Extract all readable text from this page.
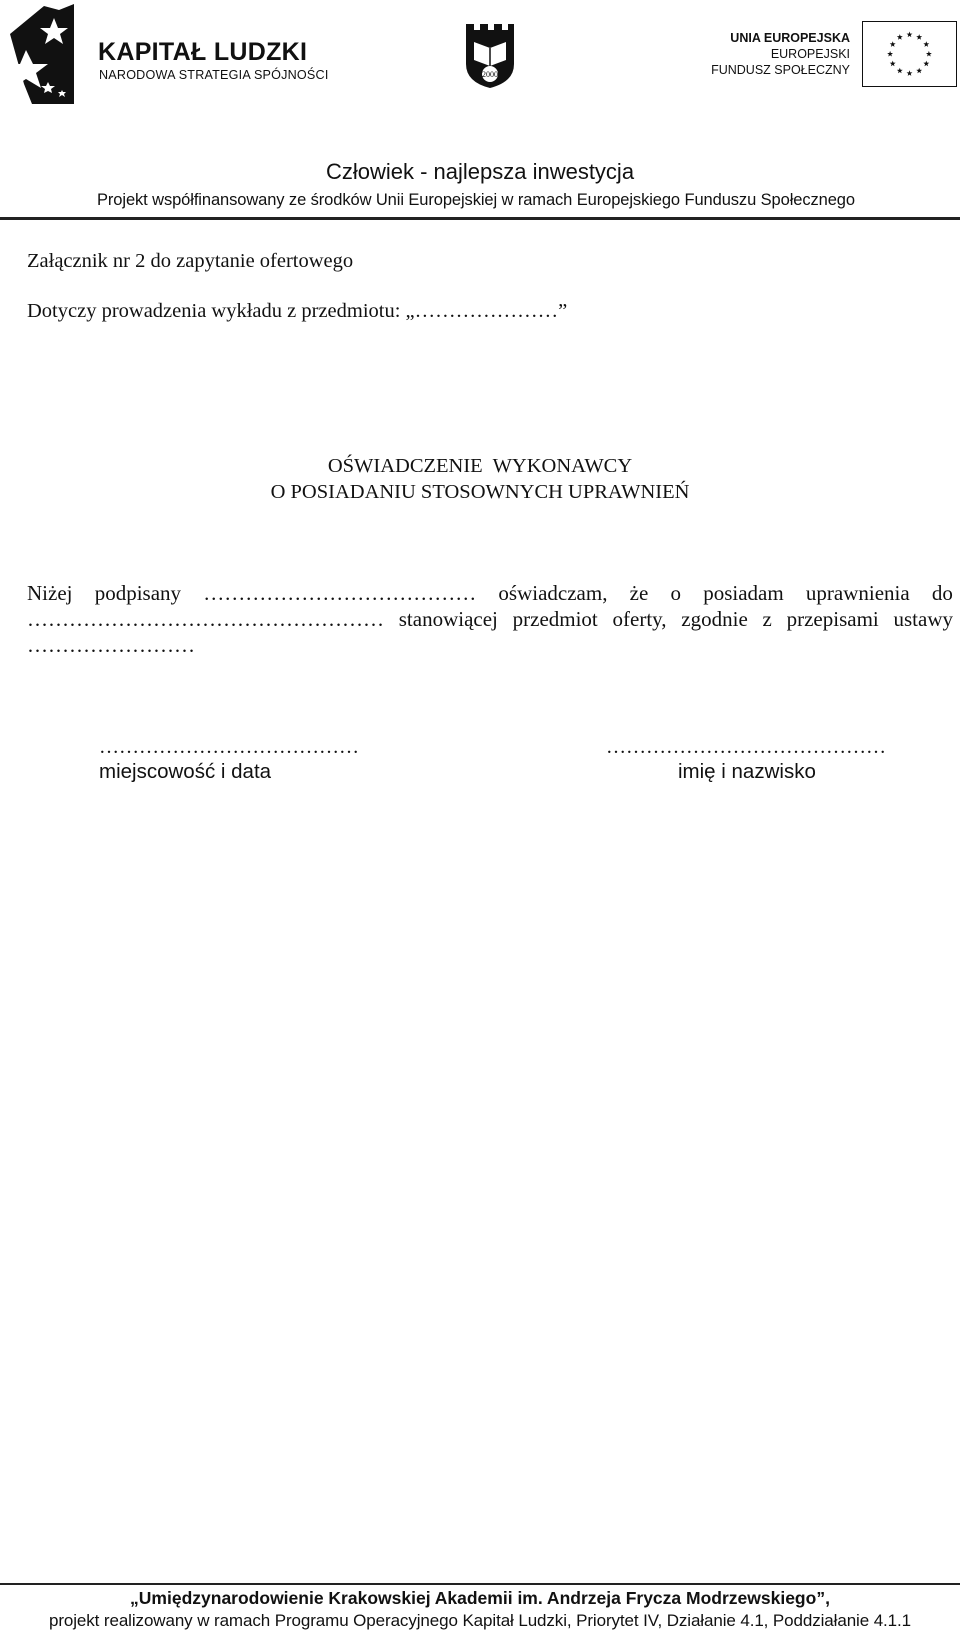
KAPITAŁ LUDZKI
NARODOWA STRATEGIA SPÓJNOŚCI	2000
UNIA EUROPEJSKA
EUROPEJSKI
FUNDUSZ SPOŁECZNY
Człowiek - najlepsza inwestycja
Projekt współfinansowany ze środków Unii Europejskiej w ramach Europejskiego Funduszu Społecznego
Załącznik nr 2 do zapytanie ofertowego
Dotyczy prowadzenia wykładu z przedmiotu: „…………………”
OŚWIADCZENIE  WYKONAWCY
O POSIADANIU STOSOWNYCH UPRAWNIEŃ
Niżej podpisany ………………………………… oświadczam, że o posiadam uprawnienia do
…………………………………………… stanowiącej przedmiot oferty, zgodnie z przepisami ustawy
……………………
…………………………………
miejscowość i data
……………………………………
imię i nazwisko
„Umiędzynarodowienie Krakowskiej Akademii im. Andrzeja Frycza Modrzewskiego”,
projekt realizowany w ramach Programu Operacyjnego Kapitał Ludzki, Priorytet IV, Działanie 4.1, Poddziałanie 4.1.1
